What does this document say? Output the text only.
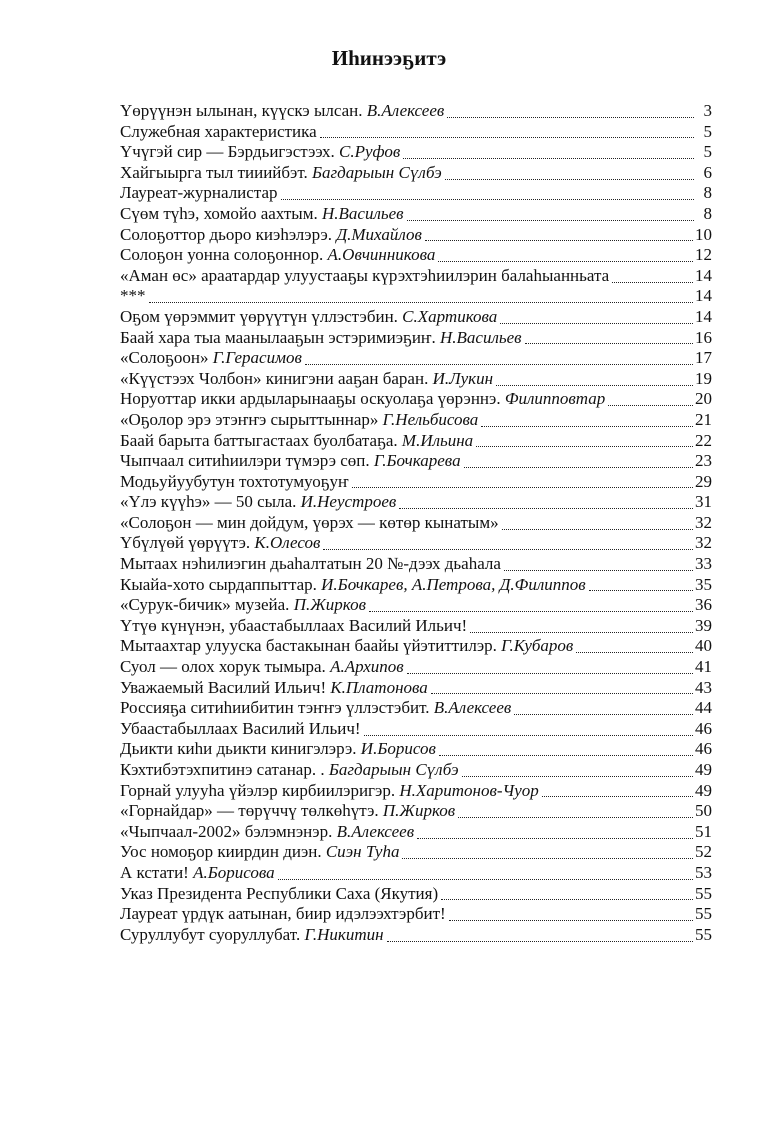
Иһинээҕитэ
Үөрүүнэн ылынан, күүскэ ылсан. В.Алексеев	3
Служебная характеристика	5
Үчүгэй сир — Бэрдьигэстээх. С.Руфов	5
Хайгыырга тыл тииийбэт. Багдарыын Сүлбэ	6
Лауреат-журналистар	8
Сүөм түһэ, хомойо аахтым. Н.Васильев	8
Солоҕоттор дьоро киэһэлэрэ. Д.Михайлов	10
Солоҕон уонна солоҕоннор. А.Овчинникова	12
«Аман өс» араатардар улуустааҕы күрэхтэһиилэрин балаһыанньата	14
***	14
Оҕом үөрэммит үөрүүтүн үллэстэбин. С.Хартикова	14
Баай хара тыа маанылааҕын эстэримиэҕиҥ. Н.Васильев	16
«Солоҕоон» Г.Герасимов	17
«Күүстээх Чолбон» кинигэни ааҕан баран. И.Лукин	19
Норуоттар икки ардыларынааҕы оскуолаҕа үөрэннэ. Филипповтар	20
«Оҕолор эрэ этэҥҥэ сырыттыннар» Г.Нельбисова	21
Баай барыта баттыгастаах буолбатаҕа. М.Ильина	22
Чыпчаал ситиһиилэри түмэрэ сөп. Г.Бочкарева	23
Модьуйуубутун тохтотумуоҕуҥ	29
«Үлэ күүһэ» — 50 сыла. И.Неустроев	31
«Солоҕон — мин дойдум, үөрэх — көтөр кынатым»	32
Үбүлүөй үөрүүтэ. К.Олесов	32
Мытаах нэһилиэгин дьаһалтатын 20 №-дээх дьаһала	33
Кыайа-хото сырдаппыттар. И.Бочкарев, А.Петрова, Д.Филиппов	35
«Сурук-бичик» музейа. П.Жирков	36
Үтүө күнүнэн, убаастабыллаах Василий Ильич!	39
Мытаахтар улууска бастакынан баайы үйэтиттилэр. Г.Кубаров	40
Суол — олох хорук тымыра. А.Архипов	41
Уважаемый Василий Ильич! К.Платонова	43
Россияҕа ситиһиибитин тэҥҥэ үллэстэбит. В.Алексеев	44
Убаастабыллаах Василий Ильич!	46
Дьикти киһи дьикти кинигэлэрэ. И.Борисов	46
Кэхтибэтэхпитинэ сатанар. . Багдарыын Сүлбэ	49
Горнай улууһа үйэлэр кирбиилэригэр. Н.Харитонов-Чуор	49
«Горнайдар» — төрүччү төлкөһүтэ. П.Жирков	50
«Чыпчаал-2002» бэлэмнэнэр. В.Алексеев	51
Уос номоҕор киирдин диэн. Сиэн Туһа	52
А кстати! А.Борисова	53
Указ Президента Республики Саха (Якутия)	55
Лауреат үрдүк аатынан, биир идэлээхтэрбит!	55
Суруллубут суоруллубат. Г.Никитин	55
